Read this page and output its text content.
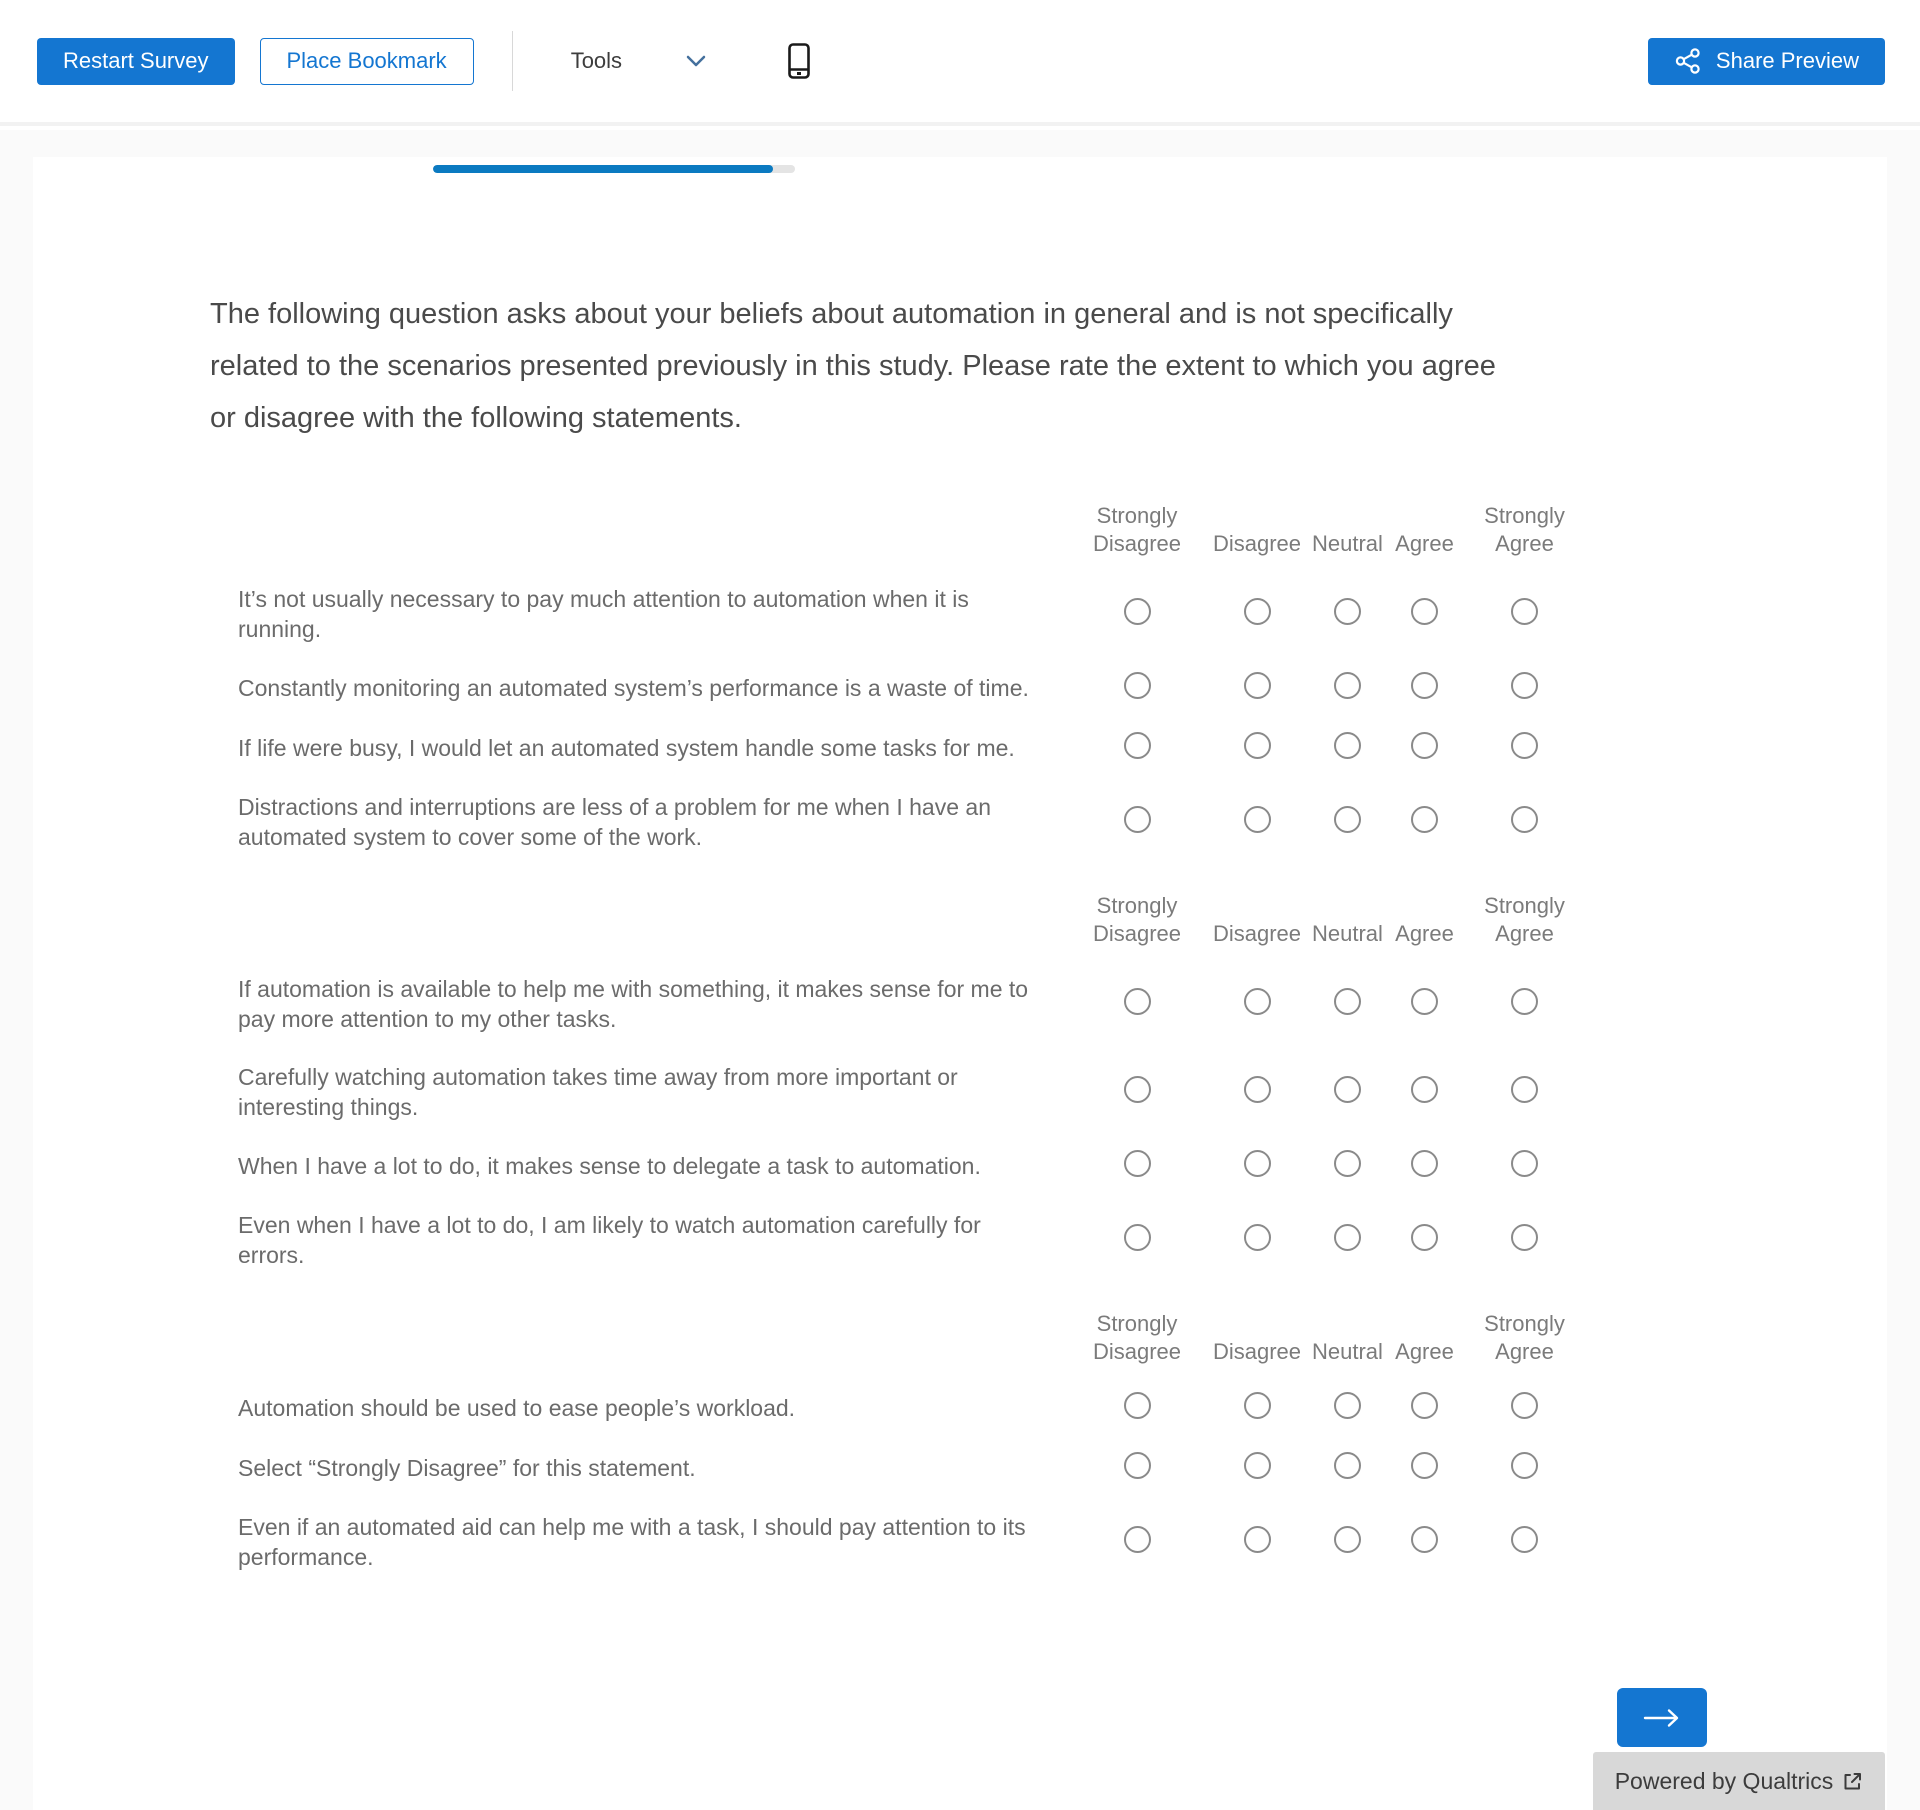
Restart Survey	Place Bookmark	Tools	Share Preview
The following question asks about your beliefs about automation in general and is not specifically related to the scenarios presented previously in this study. Please rate the extent to which you agree or disagree with the following statements.
	Strongly Disagree	Disagree	Neutral	Agree	Strongly Agree
It’s not usually necessary to pay much attention to automation when it is running.					
Constantly monitoring an automated system’s performance is a waste of time.					
If life were busy, I would let an automated system handle some tasks for me.					
Distractions and interruptions are less of a problem for me when I have an automated system to cover some of the work.					
	Strongly Disagree	Disagree	Neutral	Agree	Strongly Agree
If automation is available to help me with something, it makes sense for me to pay more attention to my other tasks.					
Carefully watching automation takes time away from more important or interesting things.					
When I have a lot to do, it makes sense to delegate a task to automation.					
Even when I have a lot to do, I am likely to watch automation carefully for errors.					
	Strongly Disagree	Disagree	Neutral	Agree	Strongly Agree
Automation should be used to ease people’s workload.					
Select “Strongly Disagree” for this statement.					
Even if an automated aid can help me with a task, I should pay attention to its performance.					
Powered by Qualtrics
